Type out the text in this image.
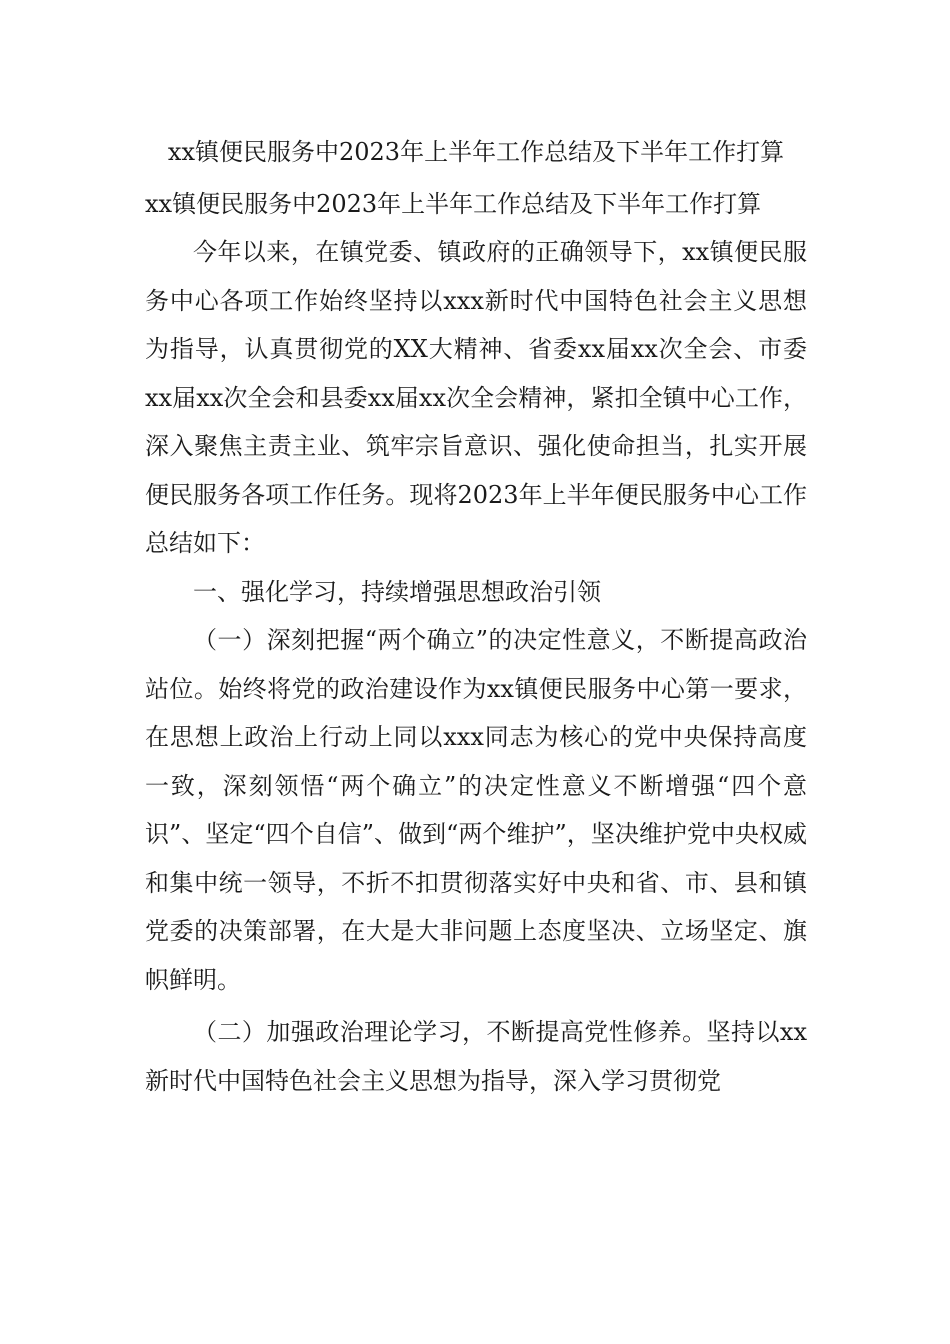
xx镇便民服务中2023年上半年工作总结及下半年工作打算

xx镇便民服务中2023年上半年工作总结及下半年工作打算

今年以来，在镇党委、镇政府的正确领导下，xx镇便民服务中心各项工作始终坚持以xxx新时代中国特色社会主义思想为指导，认真贯彻党的XX大精神、省委xx届xx次全会、市委xx届xx次全会和县委xx届xx次全会精神，紧扣全镇中心工作，深入聚焦主责主业、筑牢宗旨意识、强化使命担当，扎实开展便民服务各项工作任务。现将2023年上半年便民服务中心工作总结如下：

一、强化学习，持续增强思想政治引领

（一）深刻把握“两个确立”的决定性意义，不断提高政治站位。始终将党的政治建设作为xx镇便民服务中心第一要求，在思想上政治上行动上同以xxx同志为核心的党中央保持高度一致，深刻领悟“两个确立”的决定性意义不断增强“四个意识”、坚定“四个自信”、做到“两个维护”，坚决维护党中央权威和集中统一领导，不折不扣贯彻落实好中央和省、市、县和镇党委的决策部署，在大是大非问题上态度坚决、立场坚定、旗帜鲜明。

（二）加强政治理论学习，不断提高党性修养。坚持以xx新时代中国特色社会主义思想为指导，深入学习贯彻党
